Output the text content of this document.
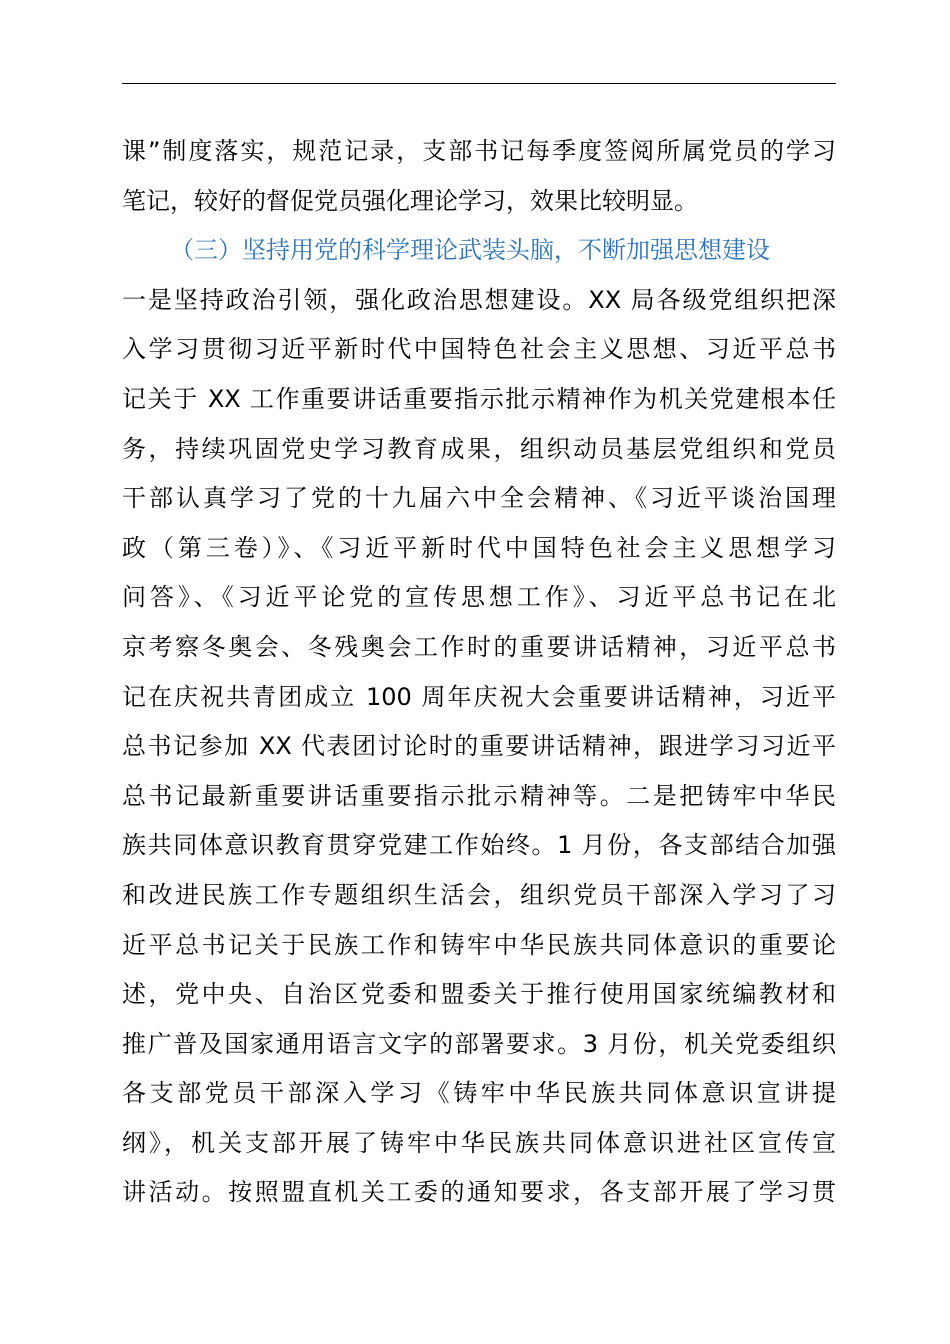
课”制度落实，规范记录，支部书记每季度签阅所属党员的学习
笔记，较好的督促党员强化理论学习，效果比较明显。
（三）坚持用党的科学理论武装头脑，不断加强思想建设
一是坚持政治引领，强化政治思想建设。XX 局各级党组织把深
入学习贯彻习近平新时代中国特色社会主义思想、习近平总书
记关于 XX 工作重要讲话重要指示批示精神作为机关党建根本任
务，持续巩固党史学习教育成果，组织动员基层党组织和党员
干部认真学习了党的十九届六中全会精神、《习近平谈治国理
政（第三卷）》、《习近平新时代中国特色社会主义思想学习
问答》、《习近平论党的宣传思想工作》、习近平总书记在北
京考察冬奥会、冬残奥会工作时的重要讲话精神，习近平总书
记在庆祝共青团成立 100 周年庆祝大会重要讲话精神，习近平
总书记参加 XX 代表团讨论时的重要讲话精神，跟进学习习近平
总书记最新重要讲话重要指示批示精神等。二是把铸牢中华民
族共同体意识教育贯穿党建工作始终。1 月份，各支部结合加强
和改进民族工作专题组织生活会，组织党员干部深入学习了习
近平总书记关于民族工作和铸牢中华民族共同体意识的重要论
述，党中央、自治区党委和盟委关于推行使用国家统编教材和
推广普及国家通用语言文字的部署要求。3 月份，机关党委组织
各支部党员干部深入学习《铸牢中华民族共同体意识宣讲提
纲》，机关支部开展了铸牢中华民族共同体意识进社区宣传宣
讲活动。按照盟直机关工委的通知要求，各支部开展了学习贯
